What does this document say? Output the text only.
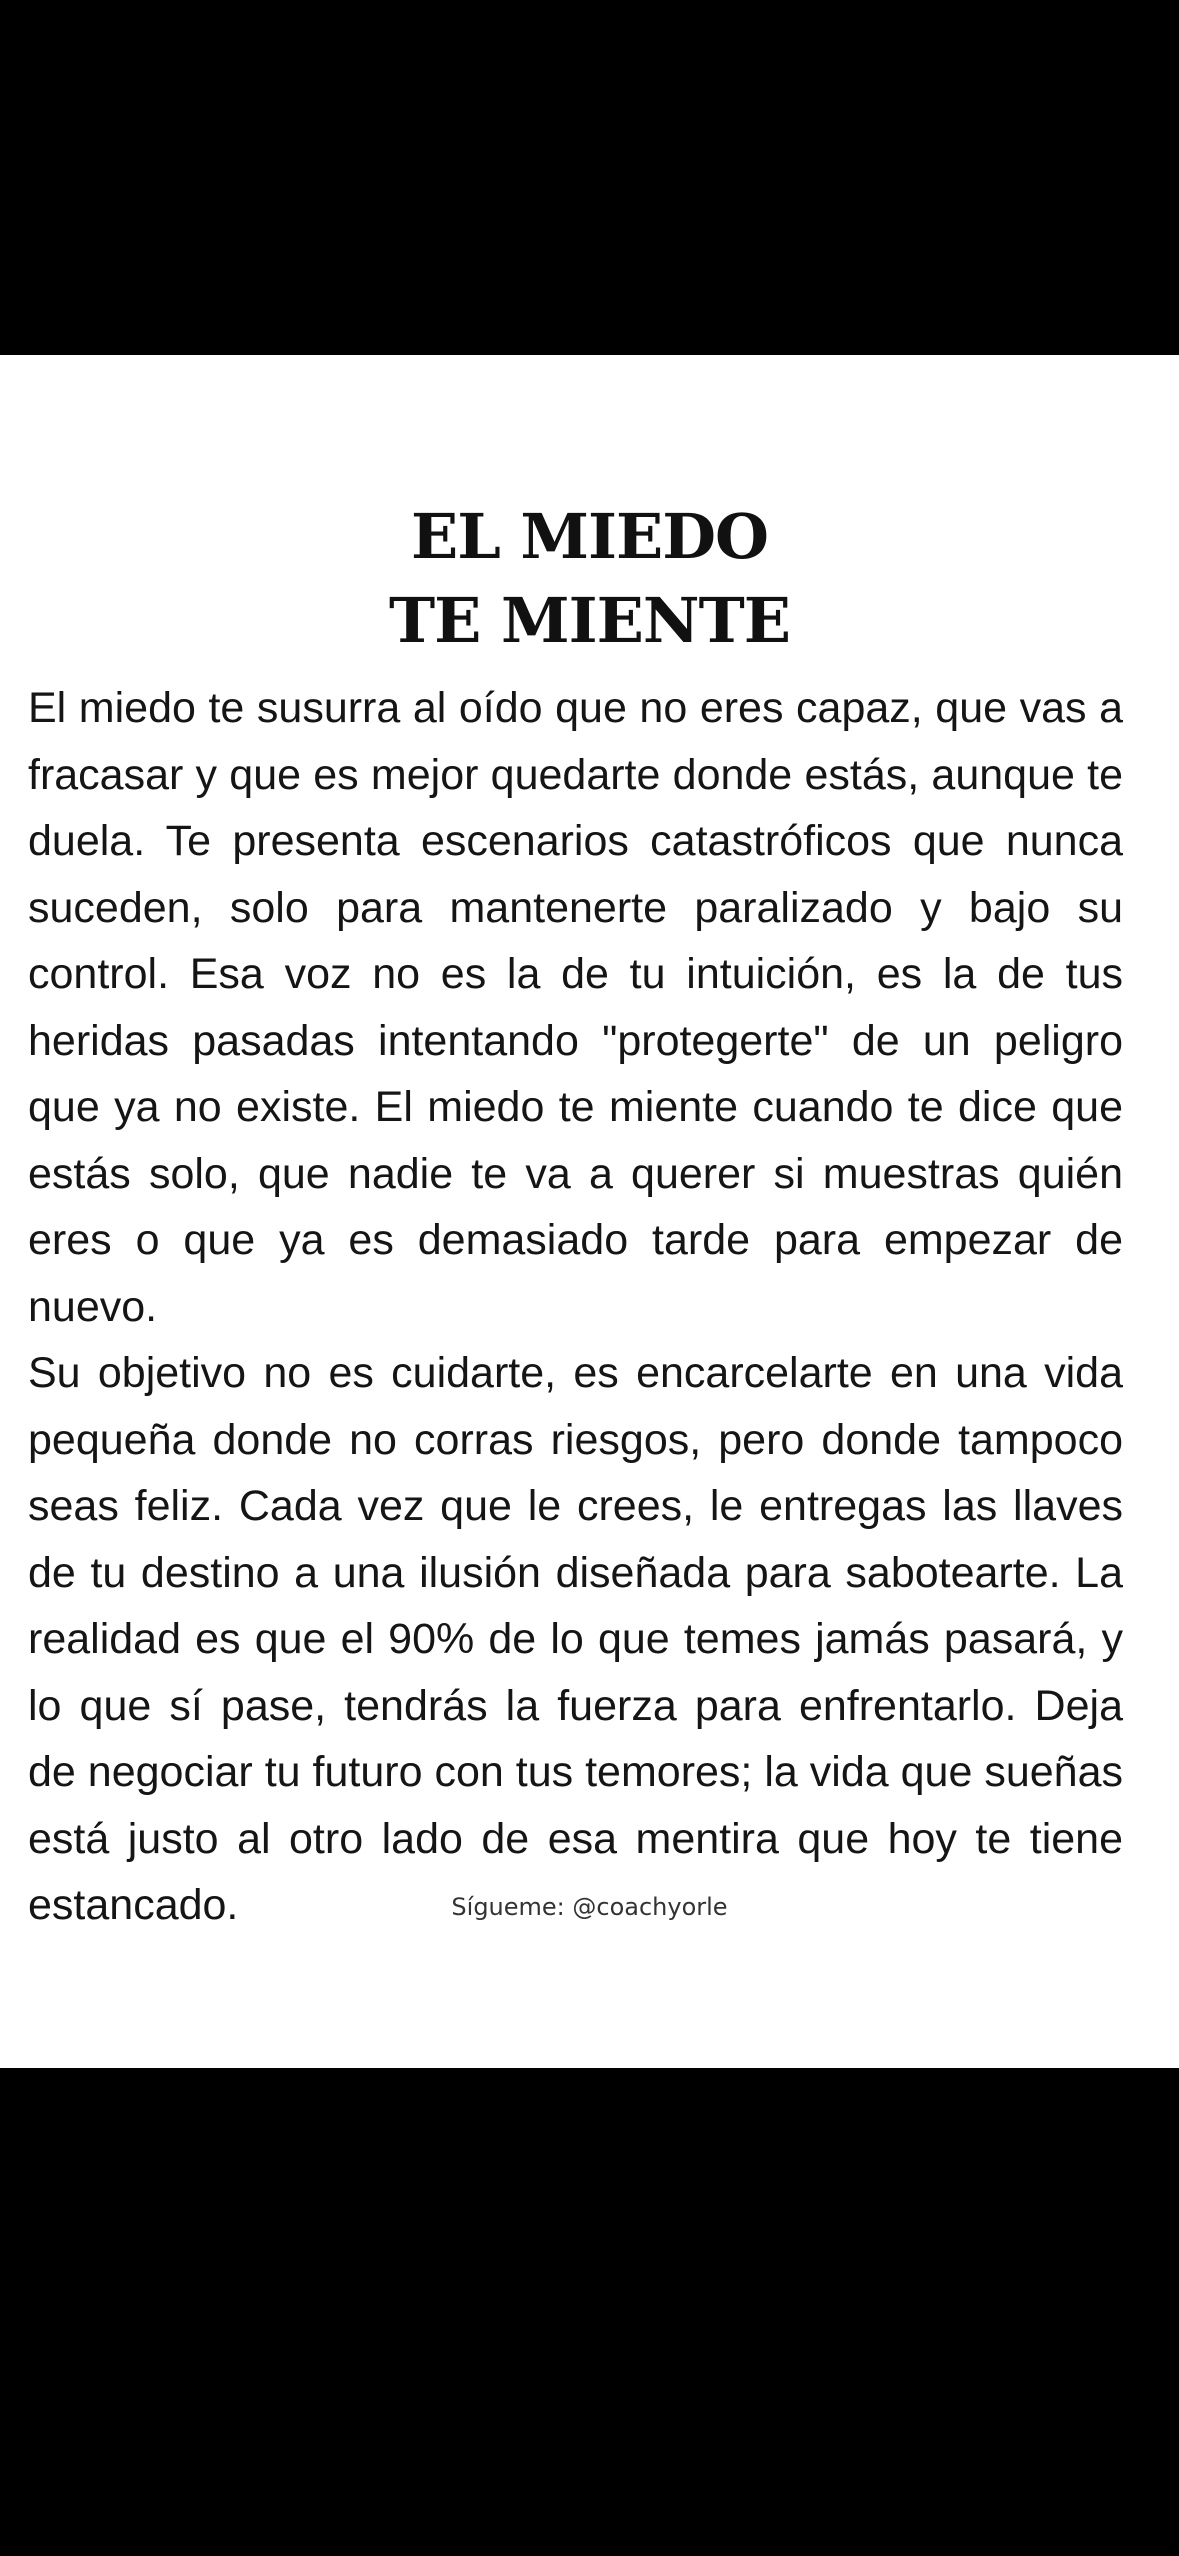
EL MIEDO
TE MIENTE

El miedo te susurra al oído que no eres capaz, que vas a fracasar y que es mejor quedarte donde estás, aunque te duela. Te presenta escenarios catastróficos que nunca suceden, solo para mantenerte paralizado y bajo su control. Esa voz no es la de tu intuición, es la de tus heridas pasadas intentando "protegerte" de un peligro que ya no existe. El miedo te miente cuando te dice que estás solo, que nadie te va a querer si muestras quién eres o que ya es demasiado tarde para empezar de nuevo.

Su objetivo no es cuidarte, es encarcelarte en una vida pequeña donde no corras riesgos, pero donde tampoco seas feliz. Cada vez que le crees, le entregas las llaves de tu destino a una ilusión diseñada para sabotearte. La realidad es que el 90% de lo que temes jamás pasará, y lo que sí pase, tendrás la fuerza para enfrentarlo. Deja de negociar tu futuro con tus temores; la vida que sueñas está justo al otro lado de esa mentira que hoy te tiene estancado.	Sígueme: @coachyorle
